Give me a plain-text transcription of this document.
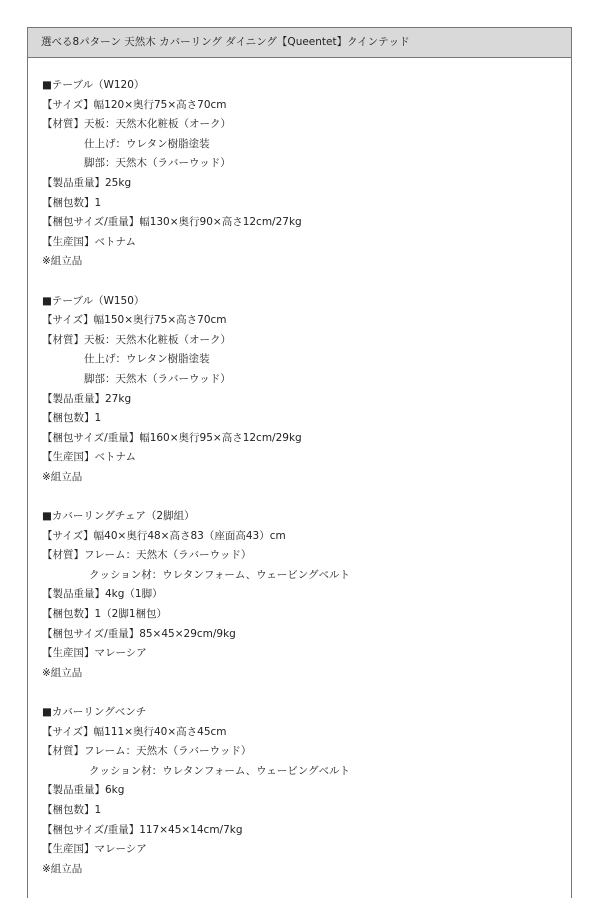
選べる8パターン 天然木 カバーリング ダイニング【Queentet】クインテッド
■テーブル（W120）
【サイズ】幅120×奥行75×高さ70cm
【材質】天板：天然木化粧板（オーク）
仕上げ：ウレタン樹脂塗装
脚部：天然木（ラバーウッド）
【製品重量】25kg
【梱包数】1
【梱包サイズ/重量】幅130×奥行90×高さ12cm/27kg
【生産国】ベトナム
※組立品
■テーブル（W150）
【サイズ】幅150×奥行75×高さ70cm
【材質】天板：天然木化粧板（オーク）
仕上げ：ウレタン樹脂塗装
脚部：天然木（ラバーウッド）
【製品重量】27kg
【梱包数】1
【梱包サイズ/重量】幅160×奥行95×高さ12cm/29kg
【生産国】ベトナム
※組立品
■カバーリングチェア（2脚組）
【サイズ】幅40×奥行48×高さ83（座面高43）cm
【材質】フレーム：天然木（ラバーウッド）
クッション材：ウレタンフォーム、ウェービングベルト
【製品重量】4kg（1脚）
【梱包数】1（2脚1梱包）
【梱包サイズ/重量】85×45×29cm/9kg
【生産国】マレーシア
※組立品
■カバーリングベンチ
【サイズ】幅111×奥行40×高さ45cm
【材質】フレーム：天然木（ラバーウッド）
クッション材：ウレタンフォーム、ウェービングベルト
【製品重量】6kg
【梱包数】1
【梱包サイズ/重量】117×45×14cm/7kg
【生産国】マレーシア
※組立品
